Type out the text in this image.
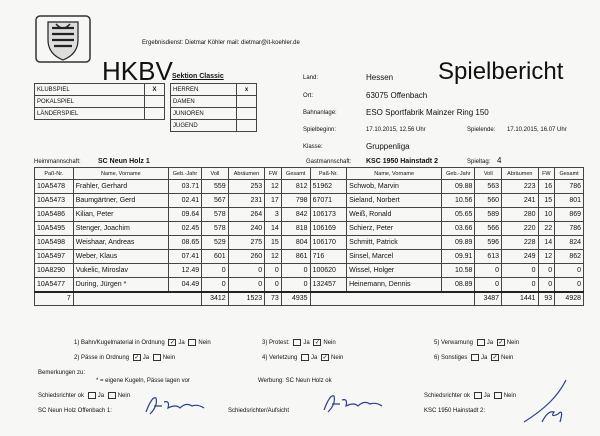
Ergebnisdienst: Dietmar Köhler mail: dietmar@it-koehler.de
HKBV Sektion Classic	Spielbericht
KLUBSPIEL	X
POKALSPIEL	
LÄNDERSPIEL	
HERREN	x
DAMEN	
JUNIOREN	
JUGEND	
Land:	Hessen
Ort:	63075 Offenbach
Bahnanlage:	ESO Sportfabrik Mainzer Ring 150
Spielbeginn:	17.10.2015, 12.56 Uhr	Spielende: 17.10.2015, 16.07 Uhr
Klasse:	Gruppenliga
Heimmannschaft: SC Neun Holz 1	Gastmannschaft: KSC 1950 Hainstadt 2	Spieltag: 4
Paß-Nr.	Name, Vorname	Geb.-Jahr	Voll	Abräumen	FW	Gesamt	Paß-Nr.	Name, Vorname	Geb.-Jahr	Voll	Abräumen	FW	Gesamt
10A5478	Frahler, Gerhard	03.71	559	253	12	812	51962	Schwob, Marvin	09.88	563	223	16	786
10A5473	Baumgärtner, Gerd	02.41	567	231	17	798	67071	Sieland, Norbert	10.56	560	241	15	801
10A5486	Kilian, Peter	09.64	578	264	3	842	106173	Weiß, Ronald	05.65	589	280	10	869
10A5495	Stenger, Joachim	02.45	578	240	14	818	106169	Schierz, Peter	03.66	566	220	22	786
10A5498	Weishaar, Andreas	08.65	529	275	15	804	106170	Schmitt, Patrick	09.89	596	228	14	824
10A5497	Weber, Klaus	07.41	601	260	12	861	716	Sinsel, Marcel	09.91	613	249	12	862
10A8290	Vukelic, Miroslav	12.49	0	0	0	0	100620	Wissel, Holger	10.58	0	0	0	0
10A5477	During, Jürgen *	04.49	0	0	0	0	132457	Heinemann, Dennis	08.89	0	0	0	0
7			3412	1523	73	4935				3487	1441	93	4928
1) Bahn/Kugelmaterial in Ordnung ✓ Ja Nein	3) Protest: Ja ✓ Nein	5) Verwarnung Ja ✓ Nein
2) Pässe in Ordnung ✓ Ja Nein	4) Verletzung Ja ✓ Nein	6) Sonstiges Ja ✓ Nein
Bemerkungen zu:
* = eigene Kugeln, Pässe lagen vor	Werbung: SC Neun Holz ok
Schiedsrichter ok Ja Nein	Schiedsrichter ok Ja Nein
SC Neun Holz Offenbach 1:	Schiedsrichter/Aufsicht	KSC 1950 Hainstadt 2:
